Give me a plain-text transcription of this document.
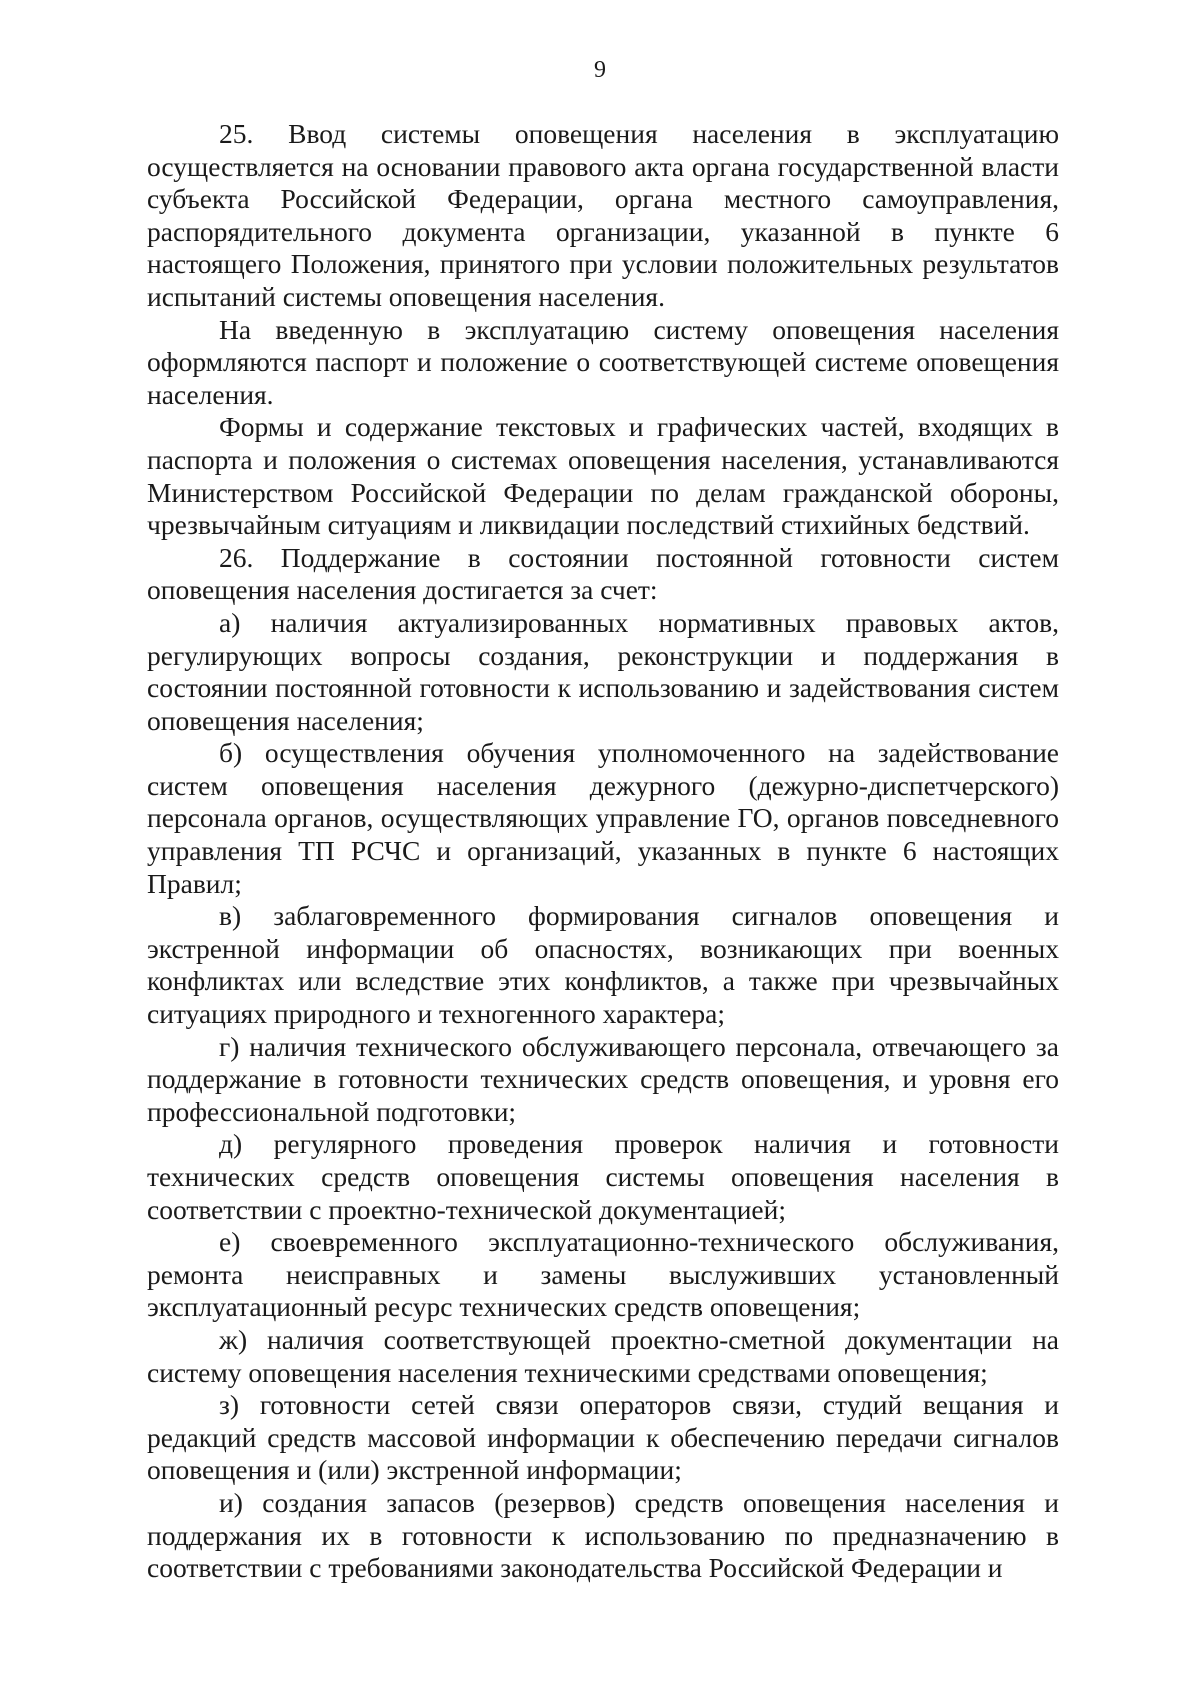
9

25. Ввод системы оповещения населения в эксплуатацию осуществляется на основании правового акта органа государственной власти субъекта Российской Федерации, органа местного самоуправления, распорядительного документа организации, указанной в пункте 6 настоящего Положения, принятого при условии положительных результатов испытаний системы оповещения населения.

На введенную в эксплуатацию систему оповещения населения оформляются паспорт и положение о соответствующей системе оповещения населения.

Формы и содержание текстовых и графических частей, входящих в паспорта и положения о системах оповещения населения, устанавливаются Министерством Российской Федерации по делам гражданской обороны, чрезвычайным ситуациям и ликвидации последствий стихийных бедствий.

26. Поддержание в состоянии постоянной готовности систем оповещения населения достигается за счет:

а) наличия актуализированных нормативных правовых актов, регулирующих вопросы создания, реконструкции и поддержания в состоянии постоянной готовности к использованию и задействования систем оповещения населения;

б) осуществления обучения уполномоченного на задействование систем оповещения населения дежурного (дежурно-диспетчерского) персонала органов, осуществляющих управление ГО, органов повседневного управления ТП РСЧС и организаций, указанных в пункте 6 настоящих Правил;

в) заблаговременного формирования сигналов оповещения и экстренной информации об опасностях, возникающих при военных конфликтах или вследствие этих конфликтов, а также при чрезвычайных ситуациях природного и техногенного характера;

г) наличия технического обслуживающего персонала, отвечающего за поддержание в готовности технических средств оповещения, и уровня его профессиональной подготовки;

д) регулярного проведения проверок наличия и готовности технических средств оповещения системы оповещения населения в соответствии с проектно-технической документацией;

е) своевременного эксплуатационно-технического обслуживания, ремонта неисправных и замены выслуживших установленный эксплуатационный ресурс технических средств оповещения;

ж) наличия соответствующей проектно-сметной документации на систему оповещения населения техническими средствами оповещения;

з) готовности сетей связи операторов связи, студий вещания и редакций средств массовой информации к обеспечению передачи сигналов оповещения и (или) экстренной информации;

и) создания запасов (резервов) средств оповещения населения и поддержания их в готовности к использованию по предназначению в соответствии с требованиями законодательства Российской Федерации и
